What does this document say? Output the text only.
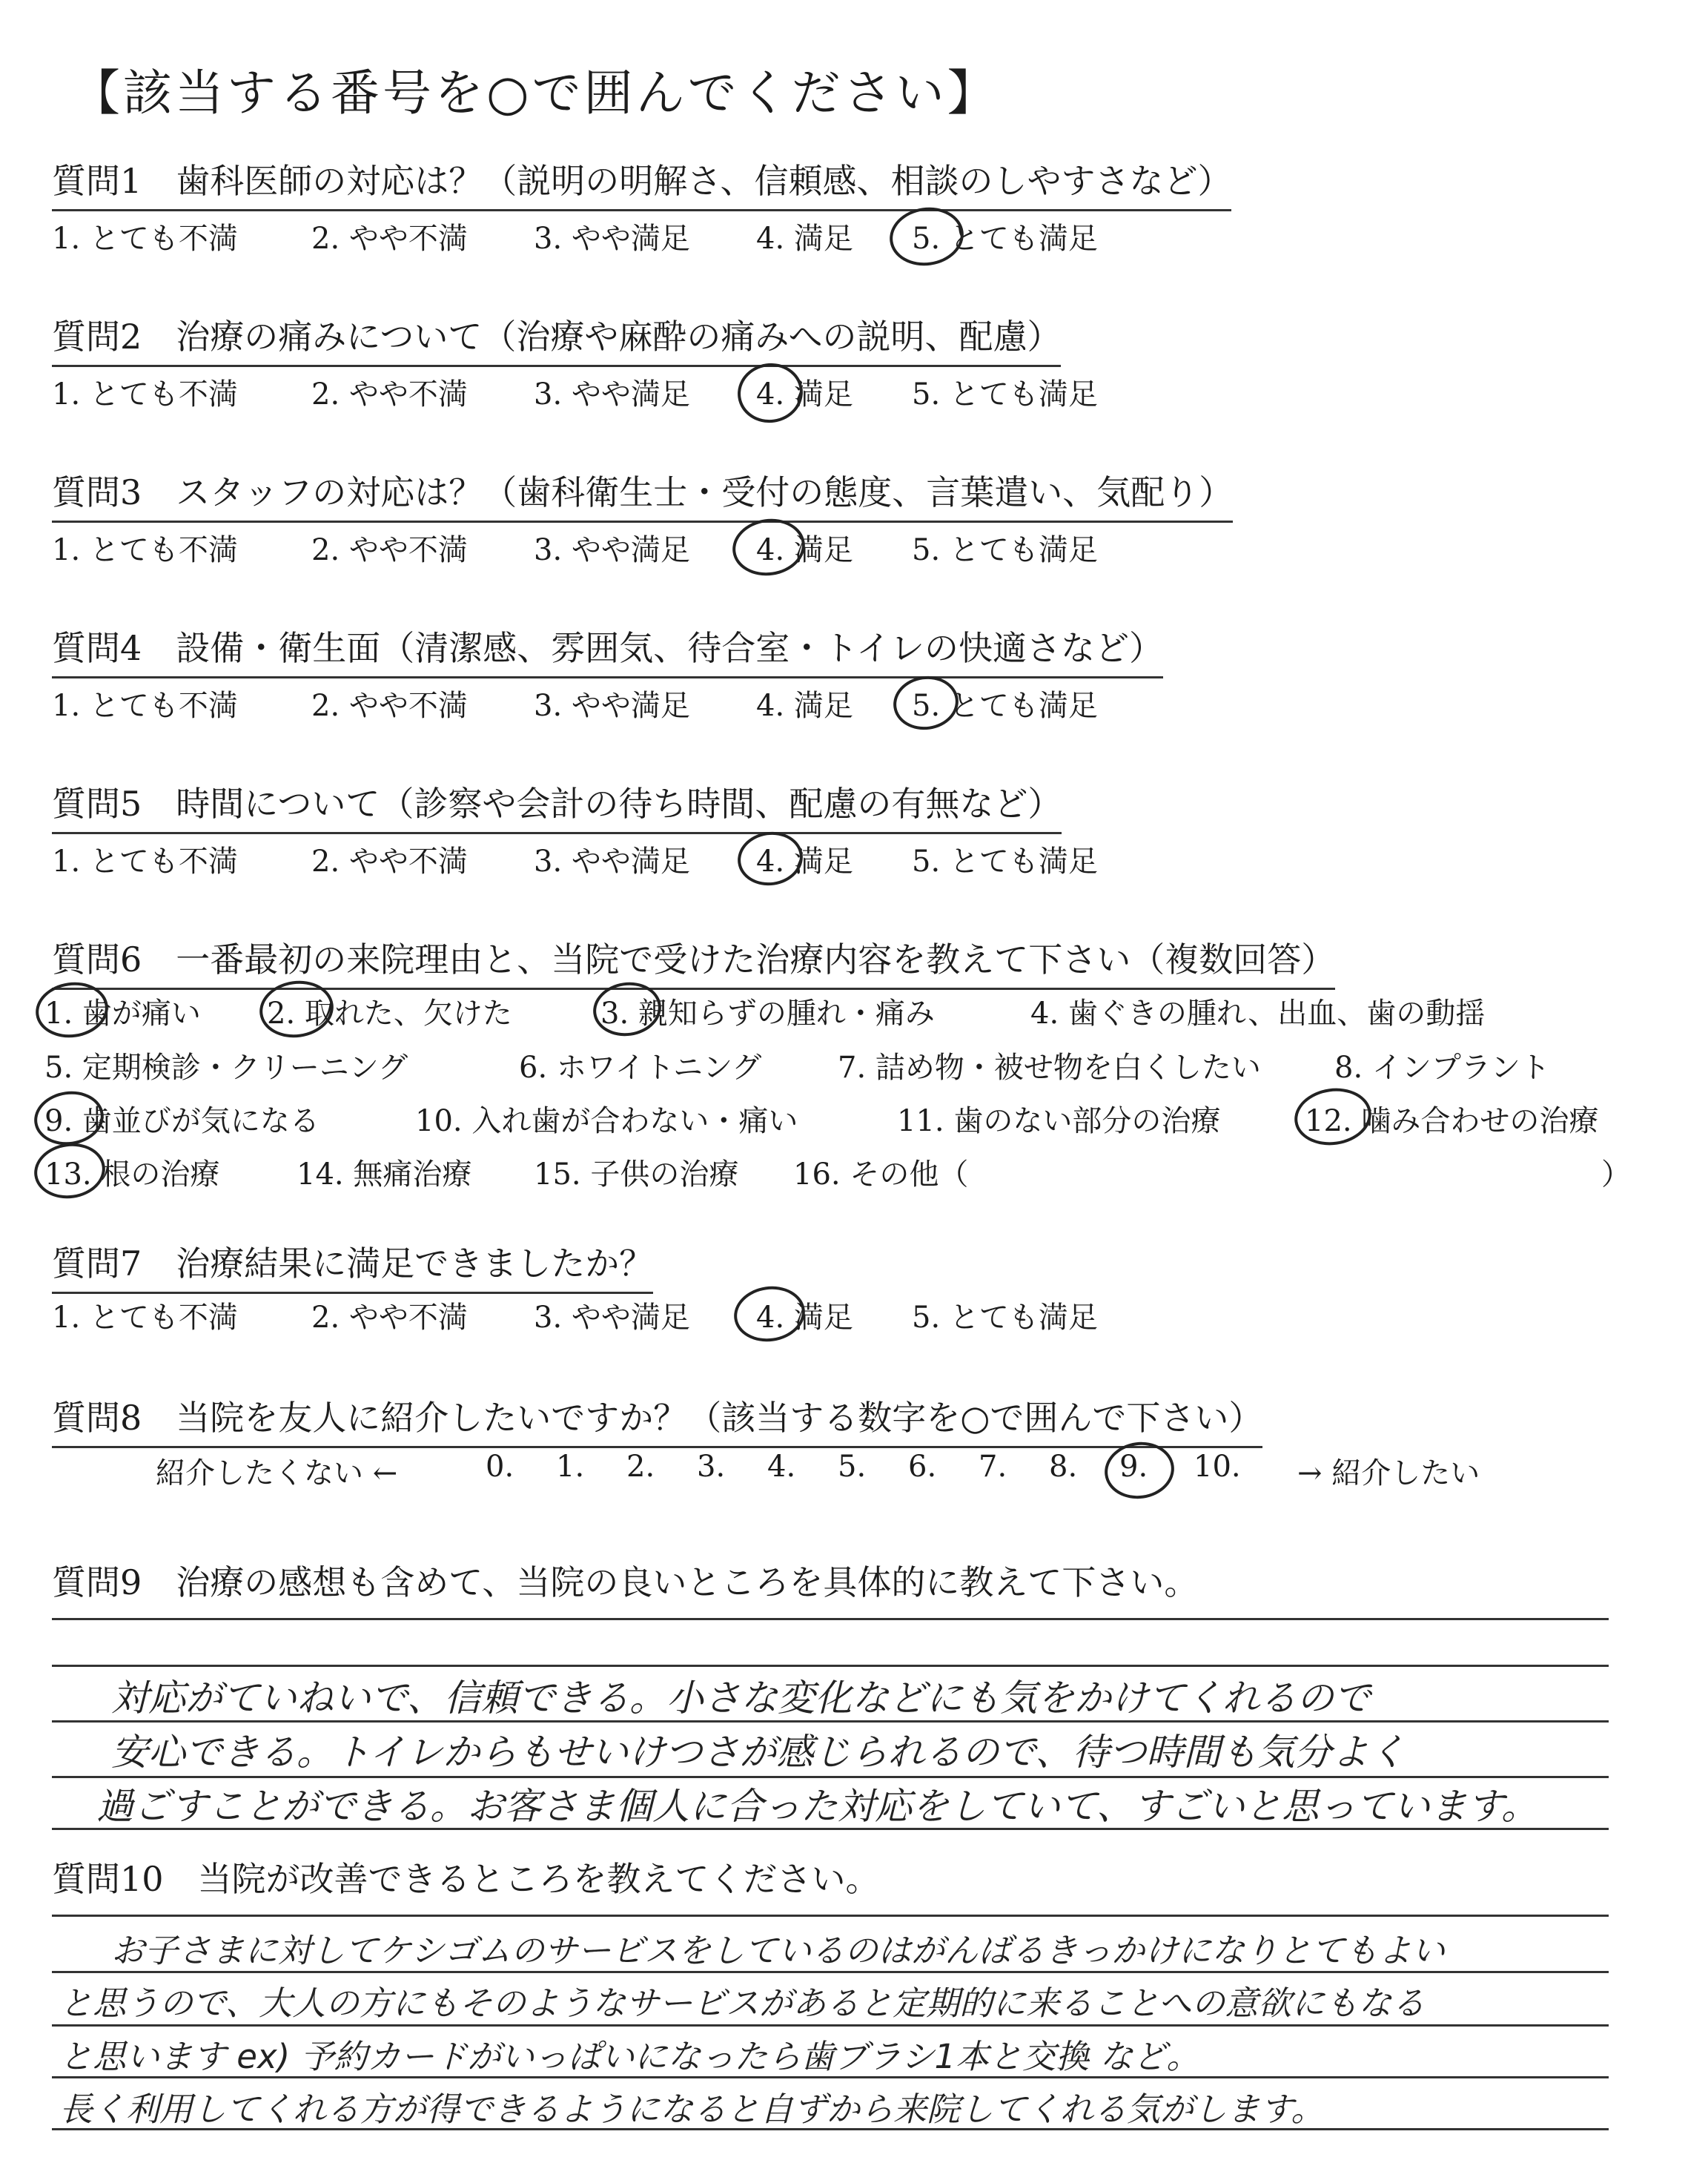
【該当する番号を○で囲んでください】
質問1 歯科医師の対応は？（説明の明解さ、信頼感、相談のしやすさなど）
1. とても不満 2. やや不満 3. やや満足 4. 満足 5. とても満足
質問2 治療の痛みについて（治療や麻酔の痛みへの説明、配慮）
1. とても不満 2. やや不満 3. やや満足 4. 満足 5. とても満足
質問3 スタッフの対応は？（歯科衛生士・受付の態度、言葉遣い、気配り）
1. とても不満 2. やや不満 3. やや満足 4. 満足 5. とても満足
質問4 設備・衛生面（清潔感、雰囲気、待合室・トイレの快適さなど）
1. とても不満 2. やや不満 3. やや満足 4. 満足 5. とても満足
質問5 時間について（診察や会計の待ち時間、配慮の有無など）
1. とても不満 2. やや不満 3. やや満足 4. 満足 5. とても満足
質問6 一番最初の来院理由と、当院で受けた治療内容を教えて下さい（複数回答）
1. 歯が痛い 2. 取れた、欠けた	3. 親知らずの腫れ・痛み	4. 歯ぐきの腫れ、出血、歯の動揺
5. 定期検診・クリーニング	6. ホワイトニング	7. 詰め物・被せ物を白くしたい 8. インプラント
9. 歯並びが気になる	10. 入れ歯が合わない・痛い	11. 歯のない部分の治療	12. 噛み合わせの治療
13. 根の治療	14. 無痛治療 15. 子供の治療 16. その他（	）
質問7 治療結果に満足できましたか？
1. とても不満 2. やや不満 3. やや満足 4. 満足 5. とても満足
質問8 当院を友人に紹介したいですか？（該当する数字を○で囲んで下さい）
紹介したくない ←	0. 1. 2. 3. 4. 5. 6. 7. 8. 9. 10. → 紹介したい
質問9 治療の感想も含めて、当院の良いところを具体的に教えて下さい。
対応がていねいで、信頼できる。小さな変化などにも気をかけてくれるので
安心できる。トイレからもせいけつさが感じられるので、待つ時間も気分よく
過ごすことができる。お客さま個人に合った対応をしていて、すごいと思っています。
質問10 当院が改善できるところを教えてください。
お子さまに対してケシゴムのサービスをしているのはがんばるきっかけになりとてもよい
と思うので、大人の方にもそのようなサービスがあると定期的に来ることへの意欲にもなる
と思います ex) 予約カードがいっぱいになったら歯ブラシ1本と交換 など。
長く利用してくれる方が得できるようになると自ずから来院してくれる気がします。
